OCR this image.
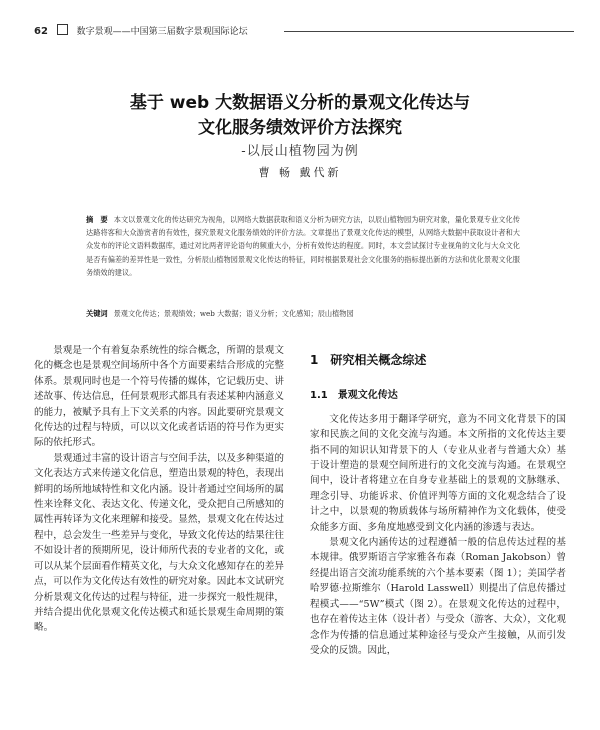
62	数字景观——中国第三届数字景观国际论坛
基于 web 大数据语义分析的景观文化传达与
文化服务绩效评价方法探究
-以辰山植物园为例
曹 畅 戴代新
摘　要 本文以景观文化的传达研究为视角，以网络大数据获取和语义分析为研究方法，以辰山植物园为研究对象，量化景观专业文化传达路将客和大众游赏者的有效性，探究景观文化服务绩效的评价方法。文章提出了景观文化传达的模型，从网络大数据中获取设计者和大众发布的评论文语料数据库，通过对比两者评论语句的频重大小，分析有效传达的程度。同时，本文尝试探讨专业视角的文化与大众文化是否有偏差的差异性是一致性，分析辰山植物园景观文化传达的特征，同时根据景观社会文化服务的指标提出新的方法和优化景观文化服务绩效的建议。
关键词 景观文化传达；景观绩效；web 大数据；语义分析；文化感知；辰山植物园

景观是一个有着复杂系统性的综合概念，所谓的景观文化的概念也是景观空间场所中各个方面要素结合形成的完整体系。景观同时也是一个符号传播的媒体，它记载历史、讲述故事、传达信息，任何景观形式都具有表述某种内涵意义的能力，被赋予具有上下文关系的内容。因此要研究景观文化传达的过程与特质，可以以文化或者话语的符号作为更实际的依托形式。

景观通过丰富的设计语言与空间手法，以及多种渠道的文化表达方式来传递文化信息，塑造出景观的特色，表现出鲜明的场所地域特性和文化内涵。设计者通过空间场所的属性来诠释文化、表达文化、传递文化，受众把自己所感知的属性再转译为文化来理解和接受。显然，景观文化在传达过程中，总会发生一些差异与变化，导致文化传达的结果往往不如设计者的预期所见，设计师所代表的专业者的文化，或可以从某个层面看作精英文化，与大众文化感知存在的差异点，可以作为文化传达有效性的研究对象。因此本文试研究分析景观文化传达的过程与特征，进一步探究一般性规律，并结合提出优化景观文化传达模式和延长景观生命周期的策略。

1　研究相关概念综述
1.1　景观文化传达

文化传达多用于翻译学研究，意为不同文化背景下的国家和民族之间的文化交流与沟通。本文所指的文化传达主要指不同的知识认知背景下的人（专业从业者与普通大众）基于设计塑造的景观空间所进行的文化交流与沟通。在景观空间中，设计者将建立在自身专业基础上的景观的文脉继承、理念引导、功能诉求、价值评判等方面的文化观念结合了设计之中，以景观的物质载体与场所精神作为文化载体，使受众能多方面、多角度地感受到文化内涵的渗透与表达。

景观文化内涵传达的过程遵循一般的信息传达过程的基本规律。俄罗斯语言学家雅各布森（Roman Jakobson）曾经提出语言交流功能系统的六个基本要素（图 1）；美国学者哈罗德·拉斯维尔（Harold Lasswell）则提出了信息传播过程模式——“5W”模式（图 2）。在景观文化传达的过程中，也存在着传达主体（设计者）与受众（游客、大众），文化观念作为传播的信息通过某种途径与受众产生接触，从而引发受众的反馈。因此，
